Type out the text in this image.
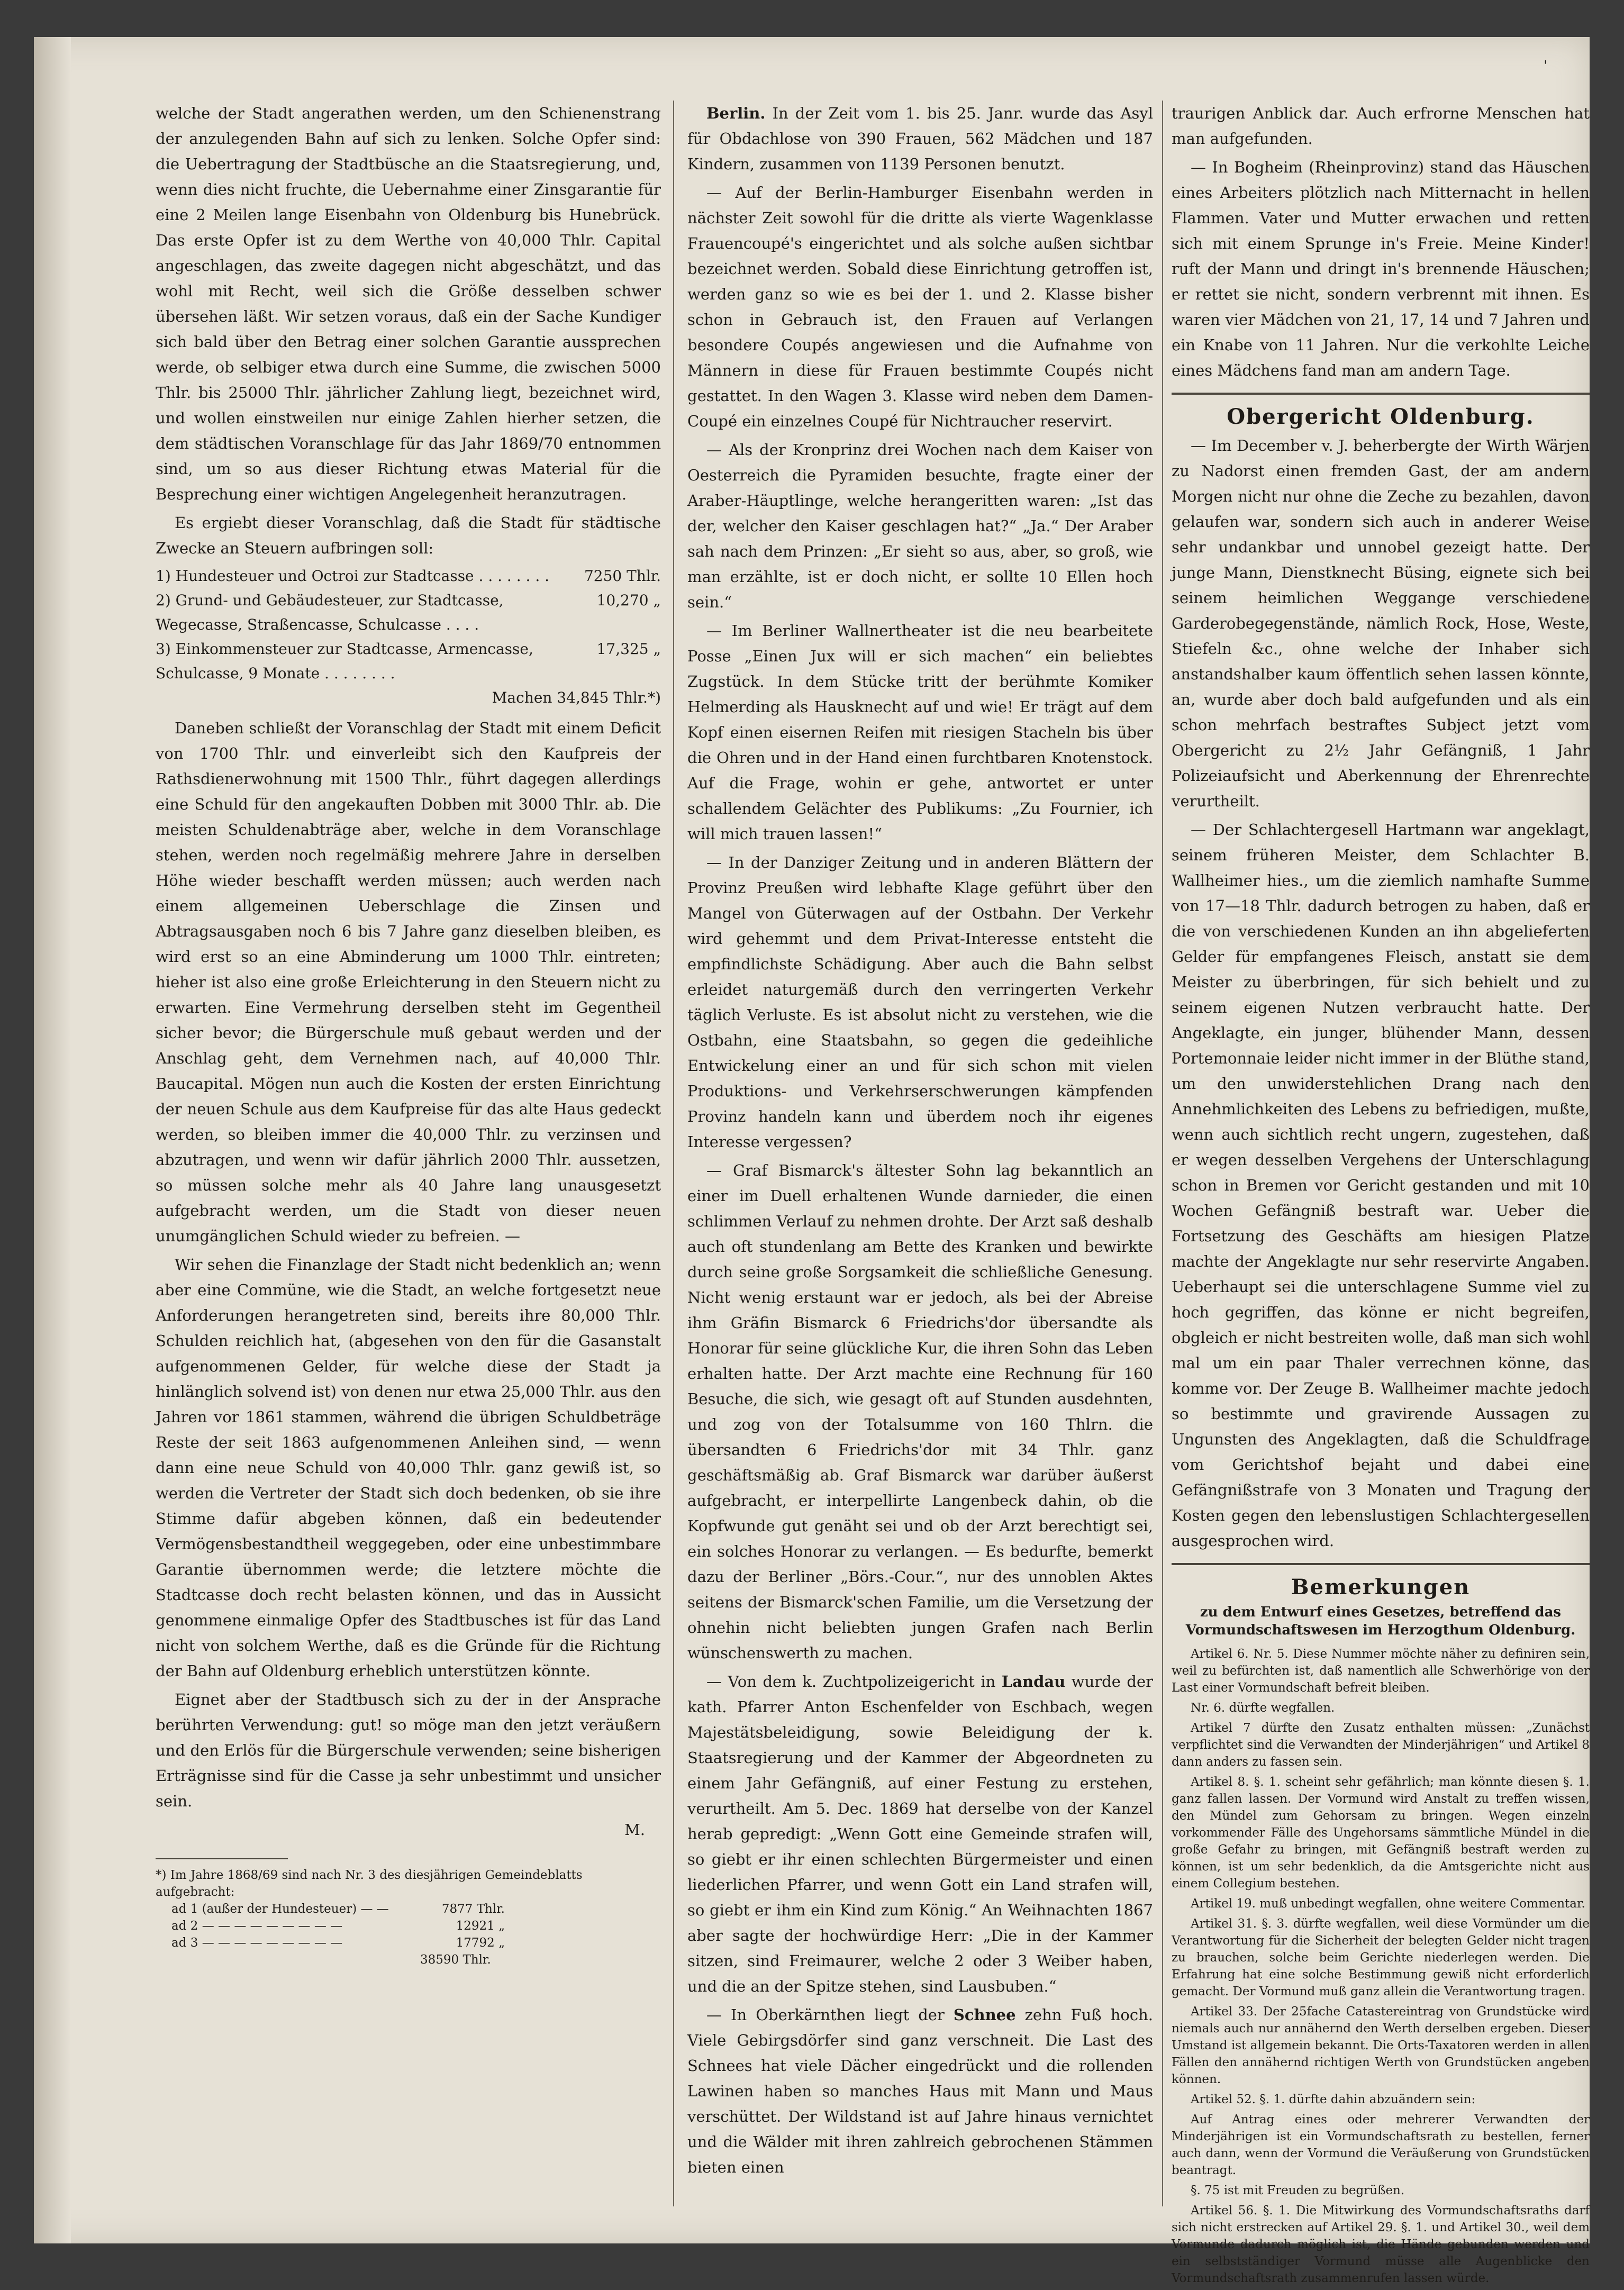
'

welche der Stadt angerathen werden, um den Schienenstrang der anzulegenden Bahn auf sich zu lenken. Solche Opfer sind: die Uebertragung der Stadtbüsche an die Staatsregierung, und, wenn dies nicht fruchte, die Uebernahme einer Zinsgarantie für eine 2 Meilen lange Eisenbahn von Oldenburg bis Hunebrück. Das erste Opfer ist zu dem Werthe von 40,000 Thlr. Capital angeschlagen, das zweite dagegen nicht abgeschätzt, und das wohl mit Recht, weil sich die Größe desselben schwer übersehen läßt. Wir setzen voraus, daß ein der Sache Kundiger sich bald über den Betrag einer solchen Garantie aussprechen werde, ob selbiger etwa durch eine Summe, die zwischen 5000 Thlr. bis 25000 Thlr. jährlicher Zahlung liegt, bezeichnet wird, und wollen einstweilen nur einige Zahlen hierher setzen, die dem städtischen Voranschlage für das Jahr 1869/70 entnommen sind, um so aus dieser Richtung etwas Material für die Besprechung einer wichtigen Angelegenheit heranzutragen.

Es ergiebt dieser Voranschlag, daß die Stadt für städtische Zwecke an Steuern aufbringen soll:

1) Hundesteuer und Octroi zur Stadtcasse . . . . . . . .	7250 Thlr.
2) Grund- und Gebäudesteuer, zur Stadtcasse, Wegecasse, Straßencasse, Schulcasse . . . .
10,270 „
3) Einkommensteuer zur Stadtcasse, Armencasse, Schulcasse, 9 Monate . . . . . . . .
17,325 „
Machen 34,845 Thlr.*)

Daneben schließt der Voranschlag der Stadt mit einem Deficit von 1700 Thlr. und einverleibt sich den Kaufpreis der Rathsdienerwohnung mit 1500 Thlr., führt dagegen allerdings eine Schuld für den angekauften Dobben mit 3000 Thlr. ab. Die meisten Schuldenabträge aber, welche in dem Voranschlage stehen, werden noch regelmäßig mehrere Jahre in derselben Höhe wieder beschafft werden müssen; auch werden nach einem allgemeinen Ueberschlage die Zinsen und Abtragsausgaben noch 6 bis 7 Jahre ganz dieselben bleiben, es wird erst so an eine Abminderung um 1000 Thlr. eintreten; hieher ist also eine große Erleichterung in den Steuern nicht zu erwarten. Eine Vermehrung derselben steht im Gegentheil sicher bevor; die Bürgerschule muß gebaut werden und der Anschlag geht, dem Vernehmen nach, auf 40,000 Thlr. Baucapital. Mögen nun auch die Kosten der ersten Einrichtung der neuen Schule aus dem Kaufpreise für das alte Haus gedeckt werden, so bleiben immer die 40,000 Thlr. zu verzinsen und abzutragen, und wenn wir dafür jährlich 2000 Thlr. aussetzen, so müssen solche mehr als 40 Jahre lang unausgesetzt aufgebracht werden, um die Stadt von dieser neuen unumgänglichen Schuld wieder zu befreien. —

Wir sehen die Finanzlage der Stadt nicht bedenklich an; wenn aber eine Commüne, wie die Stadt, an welche fortgesetzt neue Anforderungen herangetreten sind, bereits ihre 80,000 Thlr. Schulden reichlich hat, (abgesehen von den für die Gasanstalt aufgenommenen Gelder, für welche diese der Stadt ja hinlänglich solvend ist) von denen nur etwa 25,000 Thlr. aus den Jahren vor 1861 stammen, während die übrigen Schuldbeträge Reste der seit 1863 aufgenommenen Anleihen sind, — wenn dann eine neue Schuld von 40,000 Thlr. ganz gewiß ist, so werden die Vertreter der Stadt sich doch bedenken, ob sie ihre Stimme dafür abgeben können, daß ein bedeutender Vermögensbestandtheil weggegeben, oder eine unbestimmbare Garantie übernommen werde; die letztere möchte die Stadtcasse doch recht belasten können, und das in Aussicht genommene einmalige Opfer des Stadtbusches ist für das Land nicht von solchem Werthe, daß es die Gründe für die Richtung der Bahn auf Oldenburg erheblich unterstützen könnte.

Eignet aber der Stadtbusch sich zu der in der Ansprache berührten Verwendung: gut! so möge man den jetzt veräußern und den Erlös für die Bürgerschule verwenden; seine bisherigen Erträgnisse sind für die Casse ja sehr unbestimmt und unsicher sein.

M.
*) Im Jahre 1868/69 sind nach Nr. 3 des diesjährigen Gemeindeblatts aufgebracht:
ad 1 (außer der Hundesteuer) — —	7877 Thlr.
ad 2 — — — — — — — — —	12921 „
ad 3 — — — — — — — — —	17792 „
38590 Thlr.

Berlin. In der Zeit vom 1. bis 25. Janr. wurde das Asyl für Obdachlose von 390 Frauen, 562 Mädchen und 187 Kindern, zusammen von 1139 Personen benutzt.

— Auf der Berlin-Hamburger Eisenbahn werden in nächster Zeit sowohl für die dritte als vierte Wagenklasse Frauencoupé's eingerichtet und als solche außen sichtbar bezeichnet werden. Sobald diese Einrichtung getroffen ist, werden ganz so wie es bei der 1. und 2. Klasse bisher schon in Gebrauch ist, den Frauen auf Verlangen besondere Coupés angewiesen und die Aufnahme von Männern in diese für Frauen bestimmte Coupés nicht gestattet. In den Wagen 3. Klasse wird neben dem Damen-Coupé ein einzelnes Coupé für Nichtraucher reservirt.

— Als der Kronprinz drei Wochen nach dem Kaiser von Oesterreich die Pyramiden besuchte, fragte einer der Araber-Häuptlinge, welche herangeritten waren: „Ist das der, welcher den Kaiser geschlagen hat?“ „Ja.“ Der Araber sah nach dem Prinzen: „Er sieht so aus, aber, so groß, wie man erzählte, ist er doch nicht, er sollte 10 Ellen hoch sein.“

— Im Berliner Wallnertheater ist die neu bearbeitete Posse „Einen Jux will er sich machen“ ein beliebtes Zugstück. In dem Stücke tritt der berühmte Komiker Helmerding als Hausknecht auf und wie! Er trägt auf dem Kopf einen eisernen Reifen mit riesigen Stacheln bis über die Ohren und in der Hand einen furchtbaren Knotenstock. Auf die Frage, wohin er gehe, antwortet er unter schallendem Gelächter des Publikums: „Zu Fournier, ich will mich trauen lassen!“

— In der Danziger Zeitung und in anderen Blättern der Provinz Preußen wird lebhafte Klage geführt über den Mangel von Güterwagen auf der Ostbahn. Der Verkehr wird gehemmt und dem Privat-Interesse entsteht die empfindlichste Schädigung. Aber auch die Bahn selbst erleidet naturgemäß durch den verringerten Verkehr täglich Verluste. Es ist absolut nicht zu verstehen, wie die Ostbahn, eine Staatsbahn, so gegen die gedeihliche Entwickelung einer an und für sich schon mit vielen Produktions- und Verkehrserschwerungen kämpfenden Provinz handeln kann und überdem noch ihr eigenes Interesse vergessen?

— Graf Bismarck's ältester Sohn lag bekanntlich an einer im Duell erhaltenen Wunde darnieder, die einen schlimmen Verlauf zu nehmen drohte. Der Arzt saß deshalb auch oft stundenlang am Bette des Kranken und bewirkte durch seine große Sorgsamkeit die schließliche Genesung. Nicht wenig erstaunt war er jedoch, als bei der Abreise ihm Gräfin Bismarck 6 Friedrichs'dor übersandte als Honorar für seine glückliche Kur, die ihren Sohn das Leben erhalten hatte. Der Arzt machte eine Rechnung für 160 Besuche, die sich, wie gesagt oft auf Stunden ausdehnten, und zog von der Totalsumme von 160 Thlrn. die übersandten 6 Friedrichs'dor mit 34 Thlr. ganz geschäftsmäßig ab. Graf Bismarck war darüber äußerst aufgebracht, er interpellirte Langenbeck dahin, ob die Kopfwunde gut genäht sei und ob der Arzt berechtigt sei, ein solches Honorar zu verlangen. — Es bedurfte, bemerkt dazu der Berliner „Börs.-Cour.“, nur des unnoblen Aktes seitens der Bismarck'schen Familie, um die Versetzung der ohnehin nicht beliebten jungen Grafen nach Berlin wünschenswerth zu machen.

— Von dem k. Zuchtpolizeigericht in Landau wurde der kath. Pfarrer Anton Eschenfelder von Eschbach, wegen Majestätsbeleidigung, sowie Beleidigung der k. Staatsregierung und der Kammer der Abgeordneten zu einem Jahr Gefängniß, auf einer Festung zu erstehen, verurtheilt. Am 5. Dec. 1869 hat derselbe von der Kanzel herab gepredigt: „Wenn Gott eine Gemeinde strafen will, so giebt er ihr einen schlechten Bürgermeister und einen liederlichen Pfarrer, und wenn Gott ein Land strafen will, so giebt er ihm ein Kind zum König.“ An Weihnachten 1867 aber sagte der hochwürdige Herr: „Die in der Kammer sitzen, sind Freimaurer, welche 2 oder 3 Weiber haben, und die an der Spitze stehen, sind Lausbuben.“

— In Oberkärnthen liegt der Schnee zehn Fuß hoch. Viele Gebirgsdörfer sind ganz verschneit. Die Last des Schnees hat viele Dächer eingedrückt und die rollenden Lawinen haben so manches Haus mit Mann und Maus verschüttet. Der Wildstand ist auf Jahre hinaus vernichtet und die Wälder mit ihren zahlreich gebrochenen Stämmen bieten einen

traurigen Anblick dar. Auch erfrorne Menschen hat man aufgefunden.

— In Bogheim (Rheinprovinz) stand das Häuschen eines Arbeiters plötzlich nach Mitternacht in hellen Flammen. Vater und Mutter erwachen und retten sich mit einem Sprunge in's Freie. Meine Kinder! ruft der Mann und dringt in's brennende Häuschen; er rettet sie nicht, sondern verbrennt mit ihnen. Es waren vier Mädchen von 21, 17, 14 und 7 Jahren und ein Knabe von 11 Jahren. Nur die verkohlte Leiche eines Mädchens fand man am andern Tage.

Obergericht Oldenburg.

— Im December v. J. beherbergte der Wirth Wärjen zu Nadorst einen fremden Gast, der am andern Morgen nicht nur ohne die Zeche zu bezahlen, davon gelaufen war, sondern sich auch in anderer Weise sehr undankbar und unnobel gezeigt hatte. Der junge Mann, Dienstknecht Büsing, eignete sich bei seinem heimlichen Weggange verschiedene Garderobegegenstände, nämlich Rock, Hose, Weste, Stiefeln &c., ohne welche der Inhaber sich anstandshalber kaum öffentlich sehen lassen könnte, an, wurde aber doch bald aufgefunden und als ein schon mehrfach bestraftes Subject jetzt vom Obergericht zu 2½ Jahr Gefängniß, 1 Jahr Polizeiaufsicht und Aberkennung der Ehrenrechte verurtheilt.

— Der Schlachtergesell Hartmann war angeklagt, seinem früheren Meister, dem Schlachter B. Wallheimer hies., um die ziemlich namhafte Summe von 17—18 Thlr. dadurch betrogen zu haben, daß er die von verschiedenen Kunden an ihn abgelieferten Gelder für empfangenes Fleisch, anstatt sie dem Meister zu überbringen, für sich behielt und zu seinem eigenen Nutzen verbraucht hatte. Der Angeklagte, ein junger, blühender Mann, dessen Portemonnaie leider nicht immer in der Blüthe stand, um den unwiderstehlichen Drang nach den Annehmlichkeiten des Lebens zu befriedigen, mußte, wenn auch sichtlich recht ungern, zugestehen, daß er wegen desselben Vergehens der Unterschlagung schon in Bremen vor Gericht gestanden und mit 10 Wochen Gefängniß bestraft war. Ueber die Fortsetzung des Geschäfts am hiesigen Platze machte der Angeklagte nur sehr reservirte Angaben. Ueberhaupt sei die unterschlagene Summe viel zu hoch gegriffen, das könne er nicht begreifen, obgleich er nicht bestreiten wolle, daß man sich wohl mal um ein paar Thaler verrechnen könne, das komme vor. Der Zeuge B. Wallheimer machte jedoch so bestimmte und gravirende Aussagen zu Ungunsten des Angeklagten, daß die Schuldfrage vom Gerichtshof bejaht und dabei eine Gefängnißstrafe von 3 Monaten und Tragung der Kosten gegen den lebenslustigen Schlachtergesellen ausgesprochen wird.

Bemerkungen
zu dem Entwurf eines Gesetzes, betreffend das Vormundschaftswesen im Herzogthum Oldenburg.

Artikel 6. Nr. 5. Diese Nummer möchte näher zu definiren sein, weil zu befürchten ist, daß namentlich alle Schwerhörige von der Last einer Vormundschaft befreit bleiben.

Nr. 6. dürfte wegfallen.

Artikel 7 dürfte den Zusatz enthalten müssen: „Zunächst verpflichtet sind die Verwandten der Minderjährigen“ und Artikel 8 dann anders zu fassen sein.

Artikel 8. §. 1. scheint sehr gefährlich; man könnte diesen §. 1. ganz fallen lassen. Der Vormund wird Anstalt zu treffen wissen, den Mündel zum Gehorsam zu bringen. Wegen einzeln vorkommender Fälle des Ungehorsams sämmtliche Mündel in die große Gefahr zu bringen, mit Gefängniß bestraft werden zu können, ist um sehr bedenklich, da die Amtsgerichte nicht aus einem Collegium bestehen.

Artikel 19. muß unbedingt wegfallen, ohne weitere Commentar.

Artikel 31. §. 3. dürfte wegfallen, weil diese Vormünder um die Verantwortung für die Sicherheit der belegten Gelder nicht tragen zu brauchen, solche beim Gerichte niederlegen werden. Die Erfahrung hat eine solche Bestimmung gewiß nicht erforderlich gemacht. Der Vormund muß ganz allein die Verantwortung tragen.

Artikel 33. Der 25fache Catastereintrag von Grundstücke wird niemals auch nur annähernd den Werth derselben ergeben. Dieser Umstand ist allgemein bekannt. Die Orts-Taxatoren werden in allen Fällen den annähernd richtigen Werth von Grundstücken angeben können.

Artikel 52. §. 1. dürfte dahin abzuändern sein:

Auf Antrag eines oder mehrerer Verwandten der Minderjährigen ist ein Vormundschaftsrath zu bestellen, ferner auch dann, wenn der Vormund die Veräußerung von Grundstücken beantragt.

§. 75 ist mit Freuden zu begrüßen.

Artikel 56. §. 1. Die Mitwirkung des Vormundschaftsraths darf sich nicht erstrecken auf Artikel 29. §. 1. und Artikel 30., weil dem Vormunde dadurch möglich ist, die Hände gebunden werden und ein selbstständiger Vormund müsse alle Augenblicke den Vormundschaftsrath zusammenrufen lassen würde.
